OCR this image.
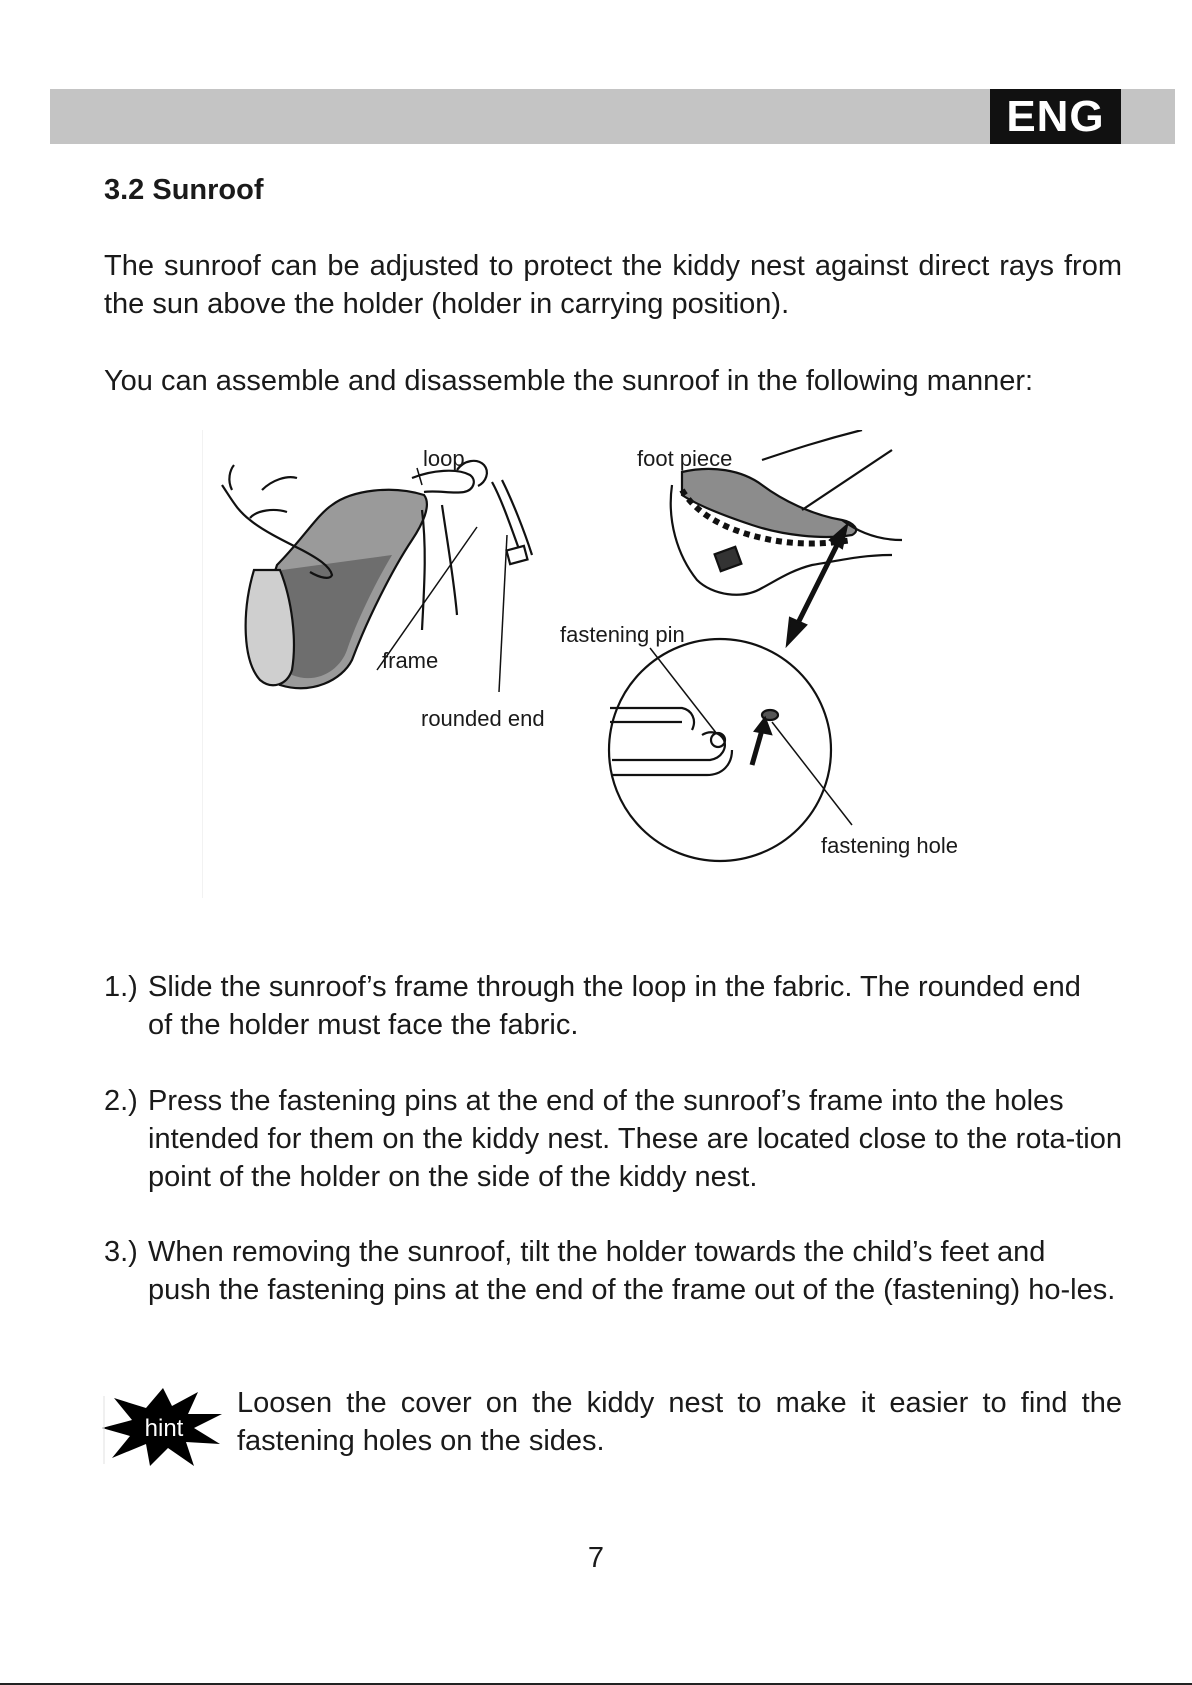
ENG
3.2 Sunroof

The sunroof can be adjusted to protect the kiddy nest against direct rays from the sun above the holder (holder in carrying position).

You can assemble and disassemble the sunroof in the following manner:

loop	foot piece
frame
rounded end
fastening pin
fastening hole
1.) Slide the sunroof’s frame through the loop in the fabric. The rounded end
of the holder must face the fabric.
2.) Press the fastening pins at the end of the sunroof’s frame into the holes
intended for them on the kiddy nest. These are located close to the rota-tion point of the holder on the side of the kiddy nest.
3.) When removing the sunroof, tilt the holder towards the child’s feet and
push the fastening pins at the end of the frame out of the (fastening) ho-les.
hint

Loosen the cover on the kiddy nest to make it easier to find the fastening holes on the sides.

7
